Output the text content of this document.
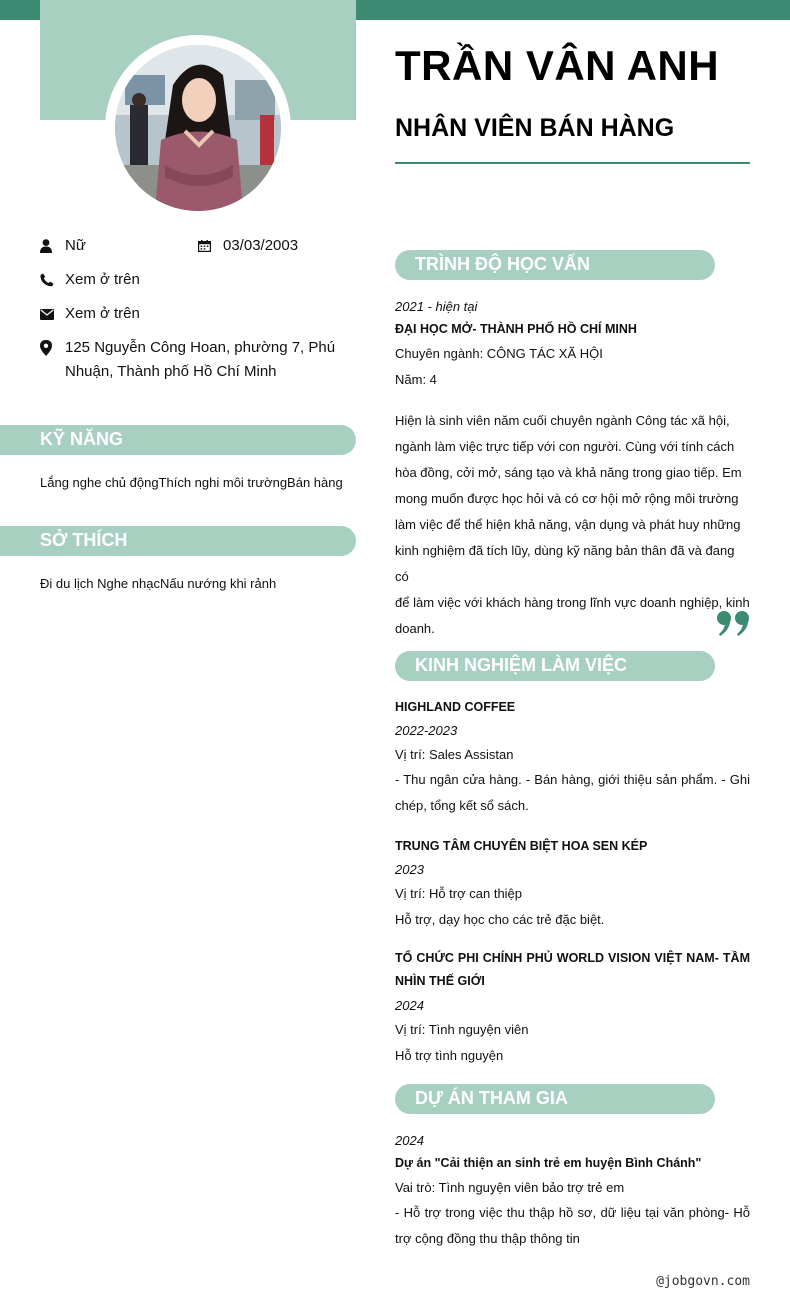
TRẦN VÂN ANH
NHÂN VIÊN BÁN HÀNG
Nữ	03/03/2003
Xem ở trên
Xem ở trên
125 Nguyễn Công Hoan, phường 7, Phú
Nhuận, Thành phố Hồ Chí Minh
KỸ NĂNG
Lắng nghe chủ độngThích nghi môi trườngBán hàng
SỞ THÍCH
Đi du lịch Nghe nhạcNấu nướng khi rảnh
TRÌNH ĐỘ HỌC VẤN
2021 - hiện tại
ĐẠI HỌC MỞ- THÀNH PHỐ HỒ CHÍ MINH
Chuyên ngành: CÔNG TÁC XÃ HỘI
Năm: 4
Hiện là sinh viên năm cuối chuyên ngành Công tác xã hội,
ngành làm việc trực tiếp với con người. Cùng với tính cách
hòa đồng, cởi mở, sáng tạo và khả năng trong giao tiếp. Em
mong muốn được học hỏi và có cơ hội mở rộng môi trường
làm việc để thể hiện khả năng, vận dụng và phát huy những
kinh nghiệm đã tích lũy, dùng kỹ năng bản thân đã và đang có
để làm việc với khách hàng trong lĩnh vực doanh nghiệp, kinh
doanh.
KINH NGHIỆM LÀM VIỆC
HIGHLAND COFFEE
2022-2023
Vị trí: Sales Assistan
- Thu ngân cửa hàng. - Bán hàng, giới thiệu sản phẩm. - Ghi chép, tổng kết sổ sách.
TRUNG TÂM CHUYÊN BIỆT HOA SEN KÉP
2023
Vị trí: Hỗ trợ can thiệp
Hỗ trợ, dạy học cho các trẻ đặc biệt.
TỔ CHỨC PHI CHÍNH PHỦ WORLD VISION VIỆT NAM- TẦM NHÌN THẾ GIỚI
2024
Vị trí: Tình nguyện viên
Hỗ trợ tình nguyện
DỰ ÁN THAM GIA
2024
Dự án "Cải thiện an sinh trẻ em huyện Bình Chánh"
Vai trò: Tình nguyện viên bảo trợ trẻ em
- Hỗ trợ trong việc thu thập hồ sơ, dữ liệu tại văn phòng- Hỗ trợ cộng đồng thu thập thông tin
@jobgovn.com
